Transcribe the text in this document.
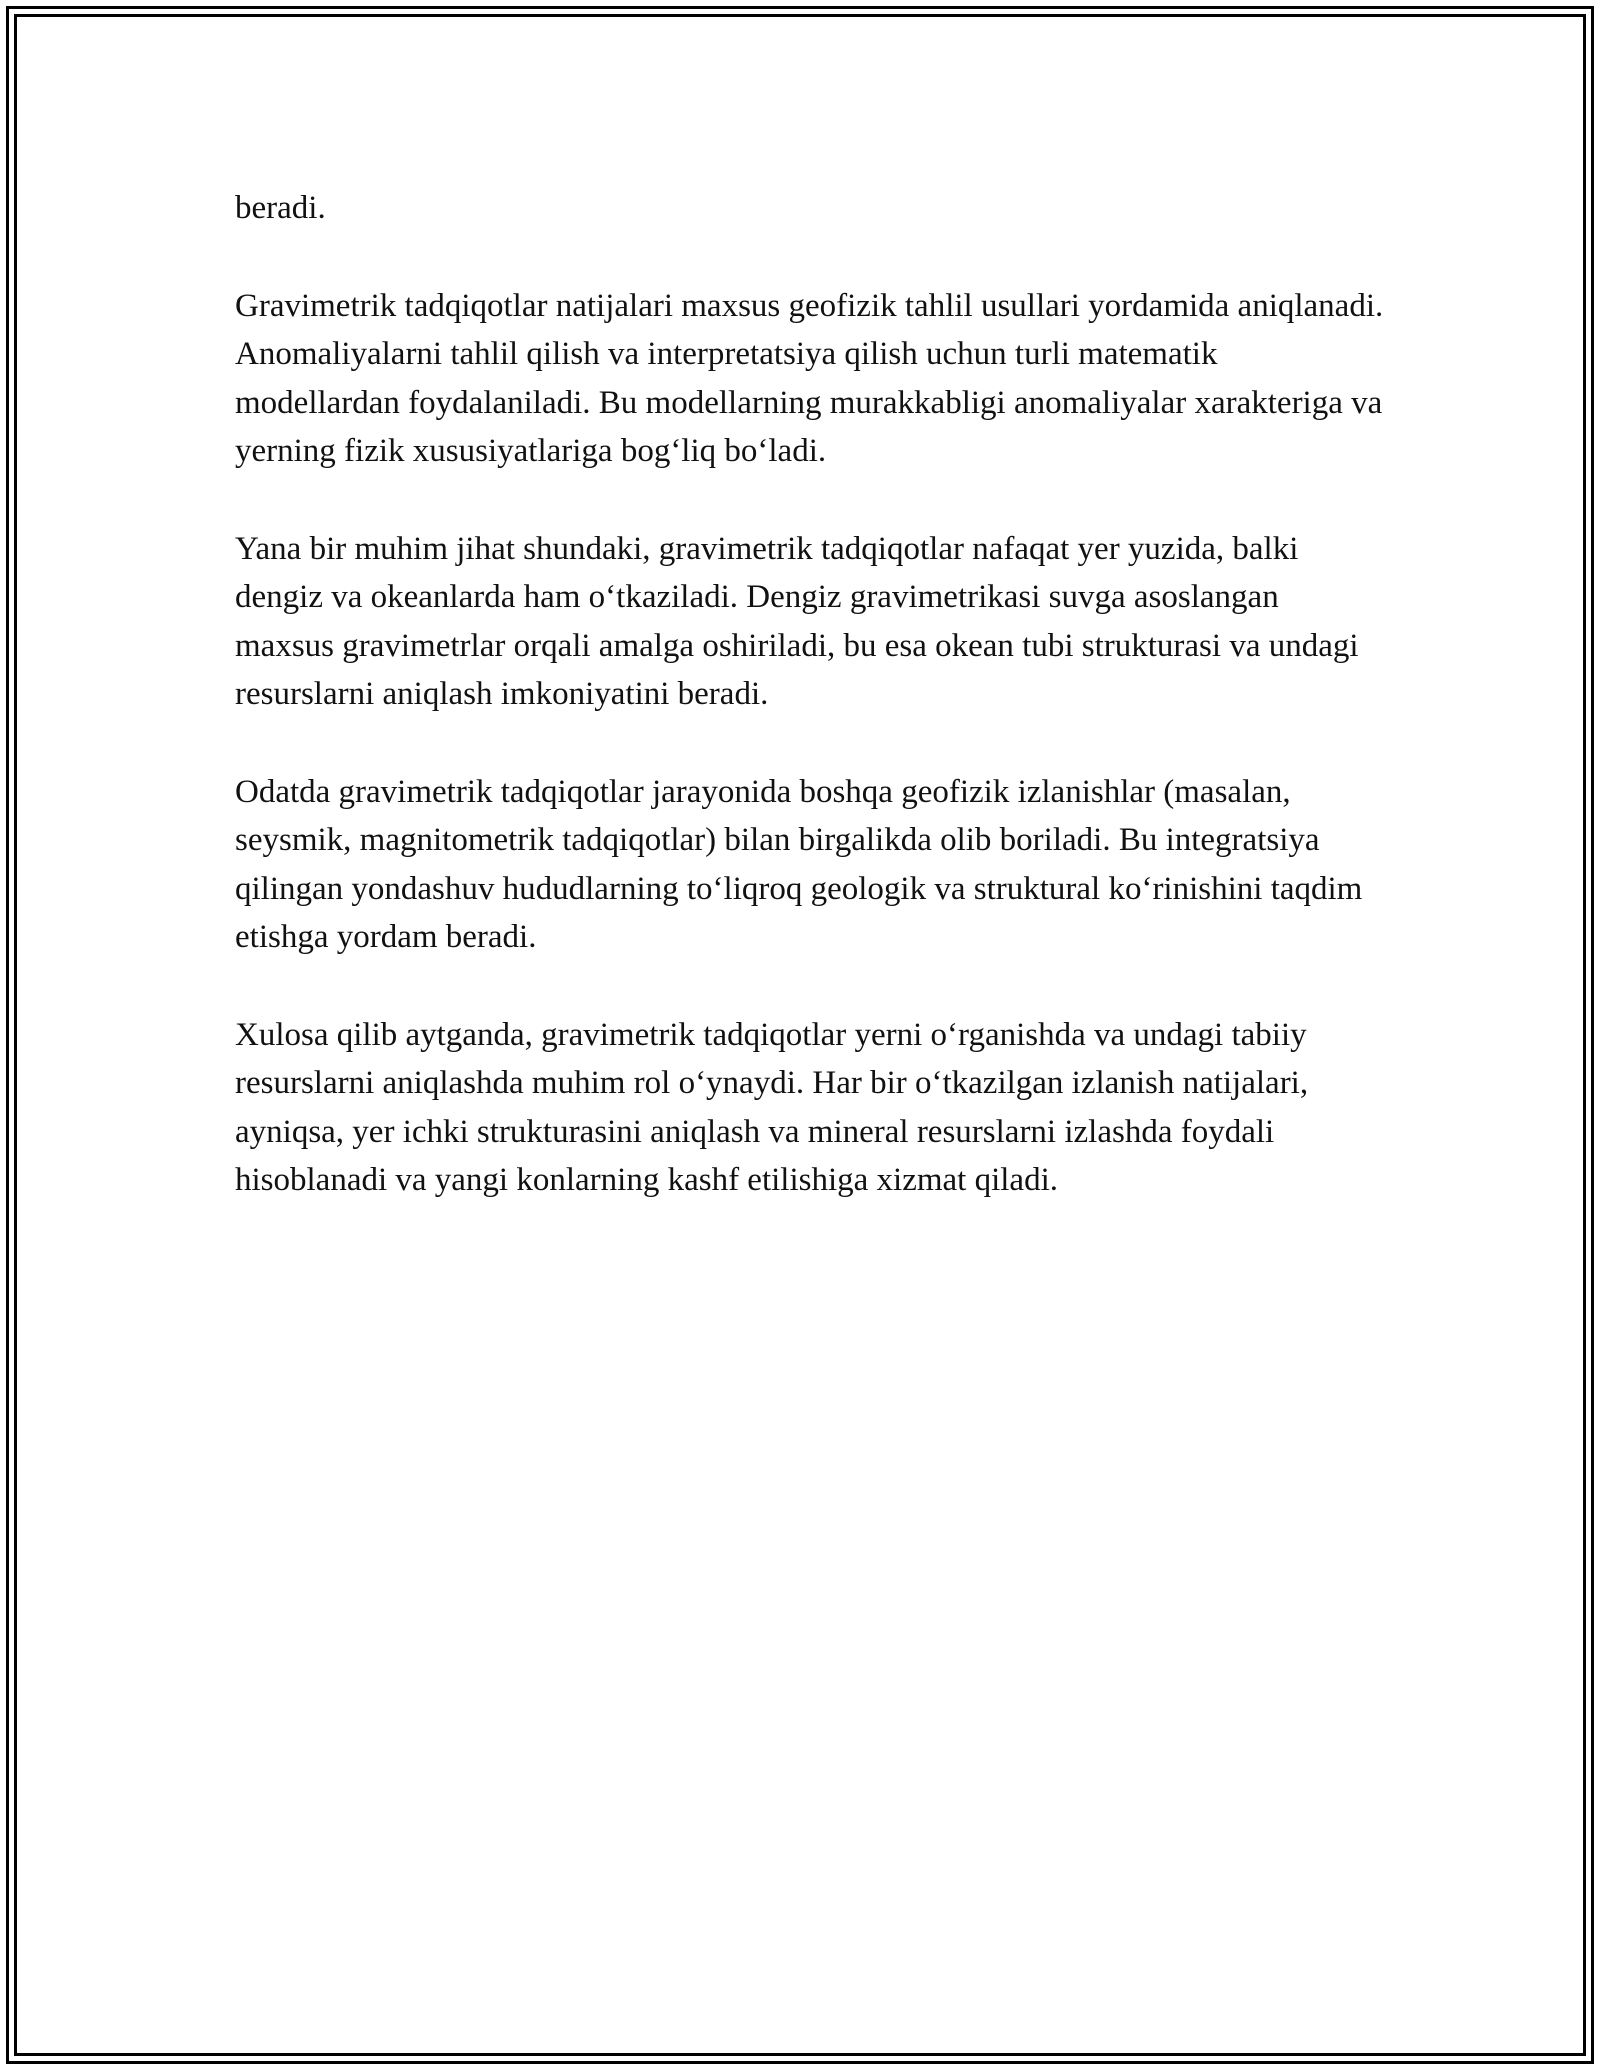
beradi.

Gravimetrik tadqiqotlar natijalari maxsus geofizik tahlil usullari yordamida aniqlanadi. Anomaliyalarni tahlil qilish va interpretatsiya qilish uchun turli matematik modellardan foydalaniladi. Bu modellarning murakkabligi anomaliyalar xarakteriga va yerning fizik xususiyatlariga bog‘liq bo‘ladi.

Yana bir muhim jihat shundaki, gravimetrik tadqiqotlar nafaqat yer yuzida, balki dengiz va okeanlarda ham o‘tkaziladi. Dengiz gravimetrikasi suvga asoslangan maxsus gravimetrlar orqali amalga oshiriladi, bu esa okean tubi strukturasi va undagi resurslarni aniqlash imkoniyatini beradi.

Odatda gravimetrik tadqiqotlar jarayonida boshqa geofizik izlanishlar (masalan, seysmik, magnitometrik tadqiqotlar) bilan birgalikda olib boriladi. Bu integratsiya qilingan yondashuv hududlarning to‘liqroq geologik va struktural ko‘rinishini taqdim etishga yordam beradi.

Xulosa qilib aytganda, gravimetrik tadqiqotlar yerni o‘rganishda va undagi tabiiy resurslarni aniqlashda muhim rol o‘ynaydi. Har bir o‘tkazilgan izlanish natijalari, ayniqsa, yer ichki strukturasini aniqlash va mineral resurslarni izlashda foydali hisoblanadi va yangi konlarning kashf etilishiga xizmat qiladi.
